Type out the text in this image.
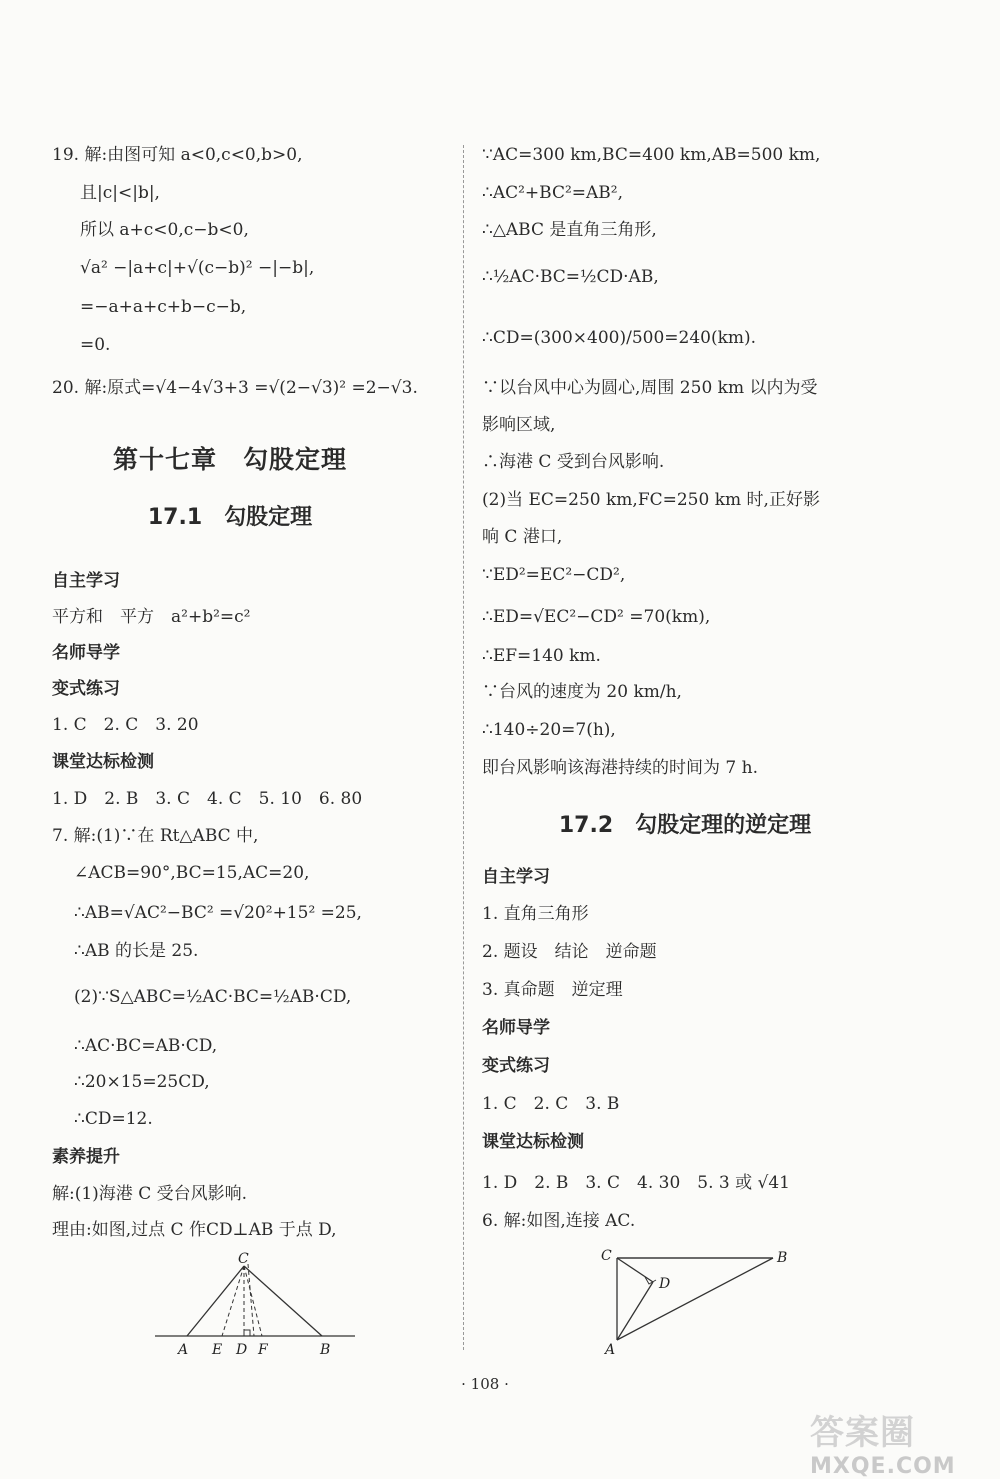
19. 解:由图可知 a<0,c<0,b>0,
且|c|<|b|,
所以 a+c<0,c−b<0,
√a² −|a+c|+√(c−b)² −|−b|,
=−a+a+c+b−c−b,
=0.
20. 解:原式=√4−4√3+3 =√(2−√3)² =2−√3.
第十七章　勾股定理
17.1　勾股定理
自主学习
平方和　平方　a²+b²=c²
名师导学
变式练习
1. C　2. C　3. 20
课堂达标检测
1. D　2. B　3. C　4. C　5. 10　6. 80
7. 解:(1)∵在 Rt△ABC 中,
∠ACB=90°,BC=15,AC=20,
∴AB=√AC²−BC² =√20²+15² =25,
∴AB 的长是 25.
(2)∵S△ABC=½AC·BC=½AB·CD,
∴AC·BC=AB·CD,
∴20×15=25CD,
∴CD=12.
素养提升
解:(1)海港 C 受台风影响.
理由:如图,过点 C 作CD⊥AB 于点 D,
C
A E D F	B
∵AC=300 km,BC=400 km,AB=500 km,
∴AC²+BC²=AB²,
∴△ABC 是直角三角形,
∴½AC·BC=½CD·AB,
∴CD=(300×400)/500=240(km).
∵以台风中心为圆心,周围 250 km 以内为受
影响区域,
∴海港 C 受到台风影响.
(2)当 EC=250 km,FC=250 km 时,正好影
响 C 港口,
∵ED²=EC²−CD²,
∴ED=√EC²−CD² =70(km),
∴EF=140 km.
∵台风的速度为 20 km/h,
∴140÷20=7(h),
即台风影响该海港持续的时间为 7 h.
17.2　勾股定理的逆定理
自主学习
1. 直角三角形
2. 题设　结论　逆命题
3. 真命题　逆定理
名师导学
变式练习
1. C　2. C　3. B
课堂达标检测
1. D　2. B　3. C　4. 30　5. 3 或 √41
6. 解:如图,连接 AC.
C	B
D
A
· 108 ·
答案圈
MXQE.COM
